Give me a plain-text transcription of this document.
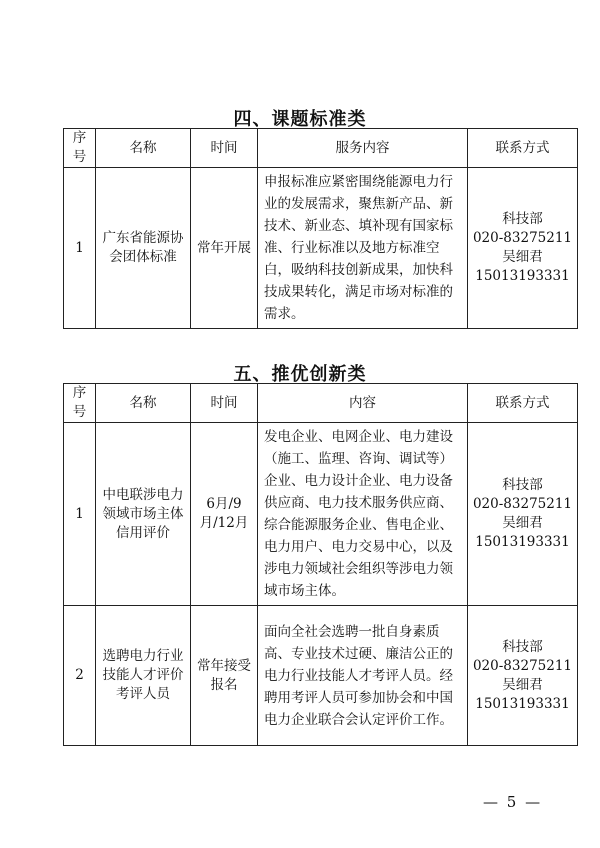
四、课题标准类
序号	名称	时间	服务内容	联系方式
1	广东省能源协会团体标准	常年开展	申报标准应紧密围绕能源电力行业的发展需求，聚焦新产品、新技术、新业态、填补现有国家标准、行业标准以及地方标准空白，吸纳科技创新成果，加快科技成果转化，满足市场对标准的需求。	科技部
020-83275211
吴细君
15013193331
五、推优创新类
序号	名称	时间	内容	联系方式
1	中电联涉电力领域市场主体信用评价	6月/9月/12月	发电企业、电网企业、电力建设（施工、监理、咨询、调试等）企业、电力设计企业、电力设备供应商、电力技术服务供应商、综合能源服务企业、售电企业、电力用户、电力交易中心，以及涉电力领域社会组织等涉电力领域市场主体。	科技部
020-83275211
吴细君
15013193331

2	选聘电力行业技能人才评价考评人员	常年接受报名	面向全社会选聘一批自身素质高、专业技术过硬、廉洁公正的电力行业技能人才考评人员。经聘用考评人员可参加协会和中国电力企业联合会认定评价工作。	科技部
020-83275211
吴细君
15013193331
— 5 —
